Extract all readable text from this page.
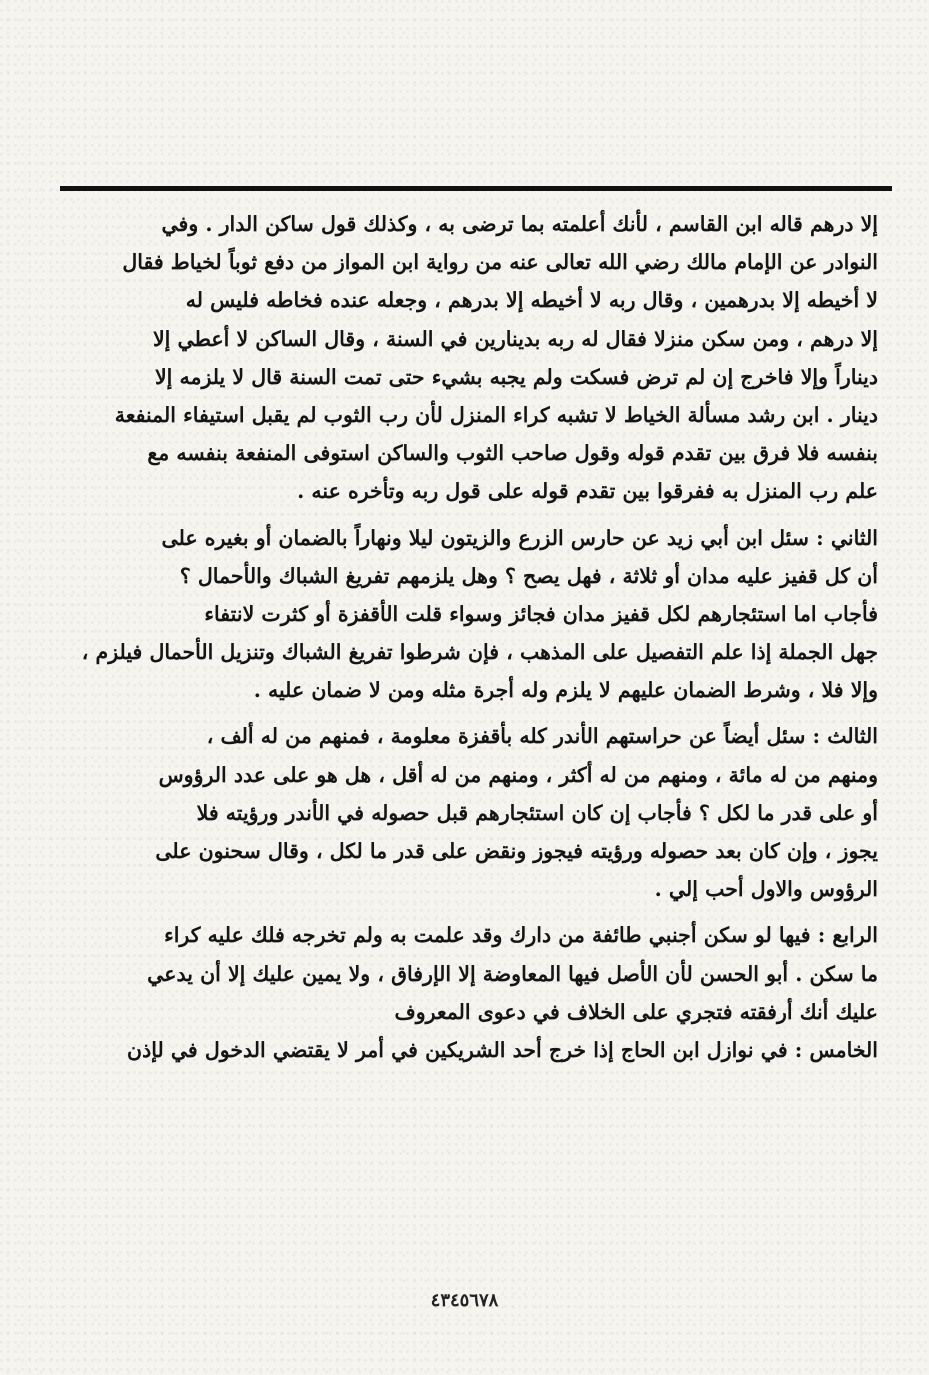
إلا درهم قاله ابن القاسم ، لأنك أعلمته بما ترضى به ، وكذلك قول ساكن الدار . وفي
النوادر عن الإمام مالك رضي الله تعالى عنه من رواية ابن المواز من دفع ثوباً لخياط فقال
لا أخيطه إلا بدرهمين ، وقال ربه لا أخيطه إلا بدرهم ، وجعله عنده فخاطه فليس له
إلا درهم ، ومن سكن منزلا فقال له ربه بدينارين في السنة ، وقال الساكن لا أعطي إلا
ديناراً وإلا فاخرج إن لم ترض فسكت ولم يجبه بشيء حتى تمت السنة قال لا يلزمه إلا
دينار . ابن رشد مسألة الخياط لا تشبه كراء المنزل لأن رب الثوب لم يقبل استيفاء المنفعة
بنفسه فلا فرق بين تقدم قوله وقول صاحب الثوب والساكن استوفى المنفعة بنفسه مع
علم رب المنزل به ففرقوا بين تقدم قوله على قول ربه وتأخره عنه .
الثاني : سئل ابن أبي زيد عن حارس الزرع والزيتون ليلا ونهاراً بالضمان أو بغيره على
أن كل قفيز عليه مدان أو ثلاثة ، فهل يصح ؟ وهل يلزمهم تفريغ الشباك والأحمال ؟
فأجاب اما استئجارهم لكل قفيز مدان فجائز وسواء قلت الأقفزة أو كثرت لانتفاء
جهل الجملة إذا علم التفصيل على المذهب ، فإن شرطوا تفريغ الشباك وتنزيل الأحمال فيلزم ،
وإلا فلا ، وشرط الضمان عليهم لا يلزم وله أجرة مثله ومن لا ضمان عليه .
الثالث : سئل أيضاً عن حراستهم الأندر كله بأقفزة معلومة ، فمنهم من له ألف ،
ومنهم من له مائة ، ومنهم من له أكثر ، ومنهم من له أقل ، هل هو على عدد الرؤوس
أو على قدر ما لكل ؟ فأجاب إن كان استئجارهم قبل حصوله في الأندر ورؤيته فلا
يجوز ، وإن كان بعد حصوله ورؤيته فيجوز ونقض على قدر ما لكل ، وقال سحنون على
الرؤوس والاول أحب إلي .
الرابع : فيها لو سكن أجنبي طائفة من دارك وقد علمت به ولم تخرجه فلك عليه كراء
ما سكن . أبو الحسن لأن الأصل فيها المعاوضة إلا الإرفاق ، ولا يمين عليك إلا أن يدعي
عليك أنك أرفقته فتجري على الخلاف في دعوى المعروف
الخامس : في نوازل ابن الحاج إذا خرج أحد الشريكين في أمر لا يقتضي الدخول في لإذن
٤٣٤٥٦٧٨
